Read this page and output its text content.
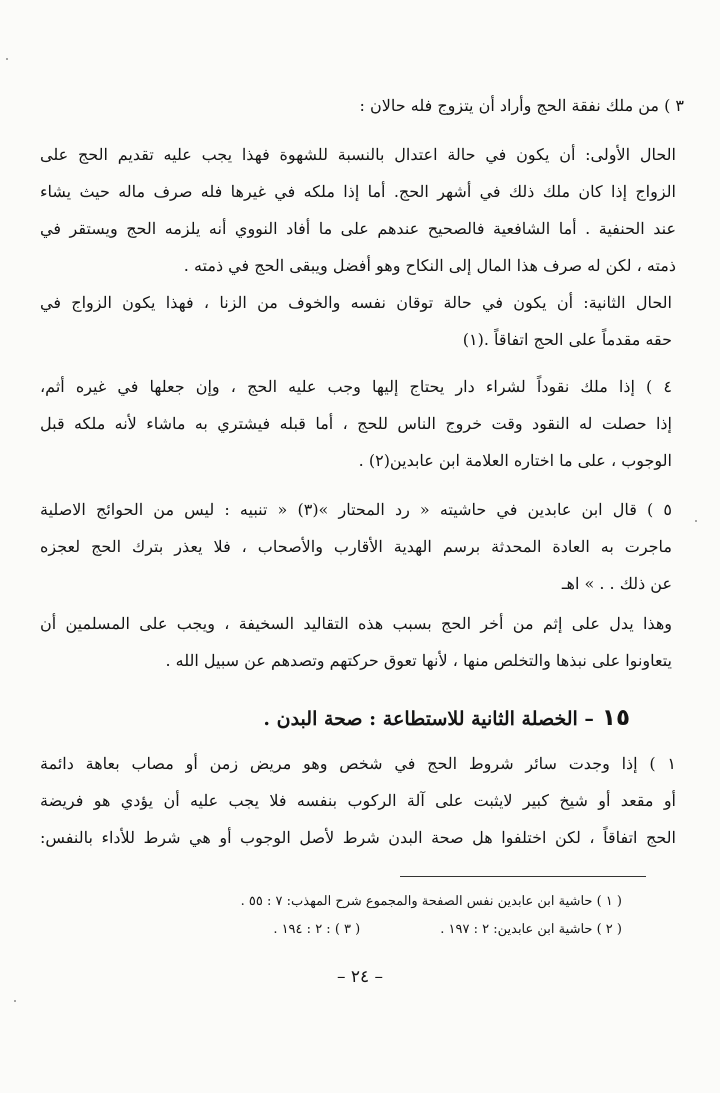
٣ ) من ملك نفقة الحج وأراد أن يتزوج فله حالان :
الحال الأولى: أن يكون في حالة اعتدال بالنسبة للشهوة فهذا يجب عليه تقديم الحج على
الزواج إذا كان ملك ذلك في أشهر الحج. أما إذا ملكه في غيرها فله صرف ماله حيث يشاء
عند الحنفية . أما الشافعية فالصحيح عندهم على ما أفاد النووي أنه يلزمه الحج ويستقر في
ذمته ، لكن له صرف هذا المال إلى النكاح وهو أفضل ويبقى الحج في ذمته .
الحال الثانية: أن يكون في حالة توقان نفسه والخوف من الزنا ، فهذا يكون الزواج في
حقه مقدماً على الحج اتفاقاً .(١)
٤ ) إذا ملك نقوداً لشراء دار يحتاج إليها وجب عليه الحج ، وإن جعلها في غيره أثم،
إذا حصلت له النقود وقت خروج الناس للحج ، أما قبله فيشتري به ماشاء لأنه ملكه قبل
الوجوب ، على ما اختاره العلامة ابن عابدين(٢) .
٥ ) قال ابن عابدين في حاشيته « رد المحتار »(٣) « تنبيه : ليس من الحوائج الاصلية
ماجرت به العادة المحدثة برسم الهدية الأقارب والأصحاب ، فلا يعذر بترك الحج لعجزه
عن ذلك . . » اهـ
وهذا يدل على إثم من أخر الحج بسبب هذه التقاليد السخيفة ، ويجب على المسلمين أن
يتعاونوا على نبذها والتخلص منها ، لأنها تعوق حركتهم وتصدهم عن سبيل الله .
١٥– الخصلة الثانية للاستطاعة : صحة البدن .
١ ) إذا وجدت سائر شروط الحج في شخص وهو مريض زمن أو مصاب بعاهة دائمة
أو مقعد أو شيخ كبير لايثبت على آلة الركوب بنفسه فلا يجب عليه أن يؤدي هو فريضة
الحج اتفاقاً ، لكن اختلفوا هل صحة البدن شرط لأصل الوجوب أو هي شرط للأداء بالنفس:
( ١ ) حاشية ابن عابدين نفس الصفحة والمجموع شرح المهذب: ٧ : ٥٥ .
( ٢ ) حاشية ابن عابدين: ٢ : ١٩٧ .( ٣ ) : ٢ : ١٩٤ .
– ٢٤ –
